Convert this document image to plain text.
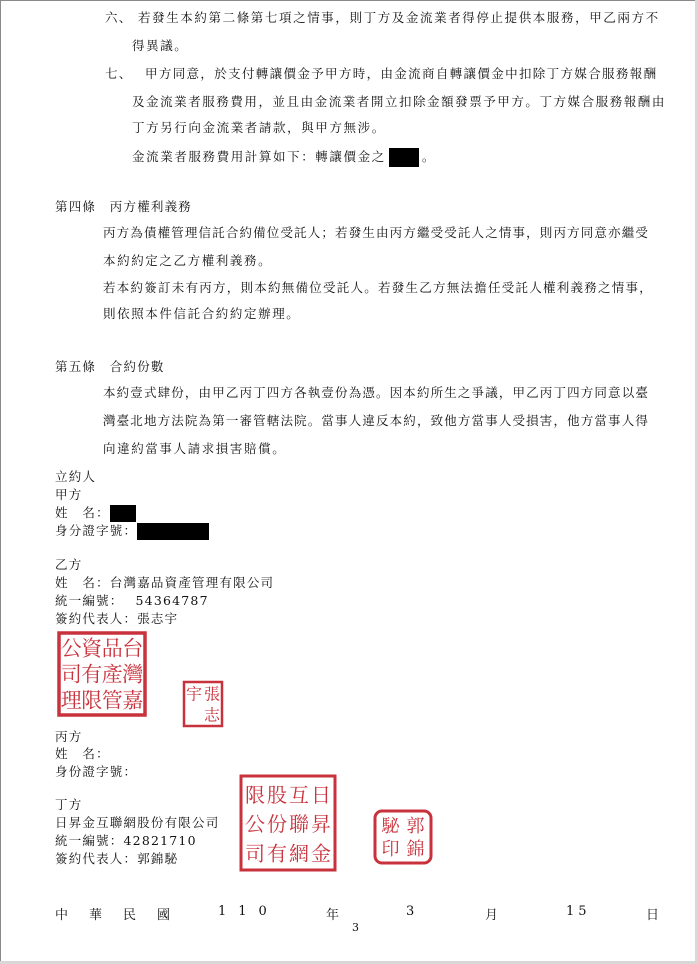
六、 若發生本約第二條第七項之情事，則丁方及金流業者得停止提供本服務，甲乙兩方不
得異議。
七、 甲方同意，於支付轉讓價金予甲方時，由金流商自轉讓價金中扣除丁方媒合服務報酬
及金流業者服務費用，並且由金流業者開立扣除金額發票予甲方。丁方媒合服務報酬由
丁方另行向金流業者請款，與甲方無涉。
金流業者服務費用計算如下：轉讓價金之	。
第四條　丙方權利義務
丙方為債權管理信託合約備位受託人；若發生由丙方繼受受託人之情事，則丙方同意亦繼受
本約約定之乙方權利義務。
若本約簽訂未有丙方，則本約無備位受託人。若發生乙方無法擔任受託人權利義務之情事，
則依照本件信託合約約定辦理。
第五條　合約份數
本約壹式肆份，由甲乙丙丁四方各執壹份為憑。因本約所生之爭議，甲乙丙丁四方同意以臺
灣臺北地方法院為第一審管轄法院。當事人違反本約，致他方當事人受損害，他方當事人得
向違約當事人請求損害賠償。
立約人
甲方
姓　名：
身分證字號：
乙方
姓　名：台灣嘉品資產管理有限公司
統一編號： 54364787
簽約代表人：張志宇
台
灣
嘉
品
產
管
資
有
限
公
司
理	張
志
宇
丙方
姓　名：
身份證字號：
丁方
日昇金互聯網股份有限公司
統一編號：42821710
簽約代表人：郭錦駜
日
昇
金
互
聯
網
股
份
有
限
公
司
郭
錦
駜
印
中　華　民　國	110	年	3	月	15	日
3
